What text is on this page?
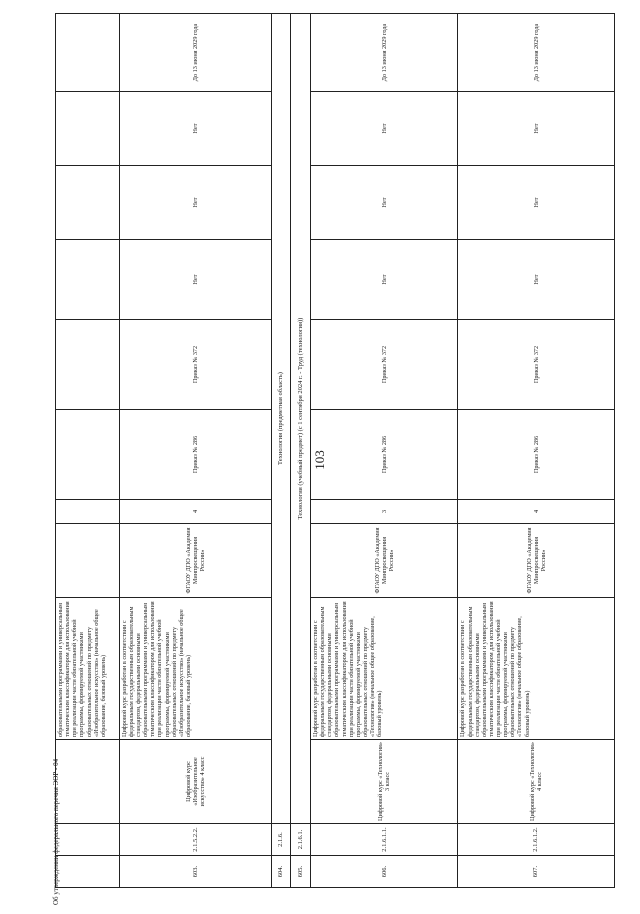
103
Об утверждении федерального перечня ЭОР - 04
			образовательными программами и универсальным тематическим классификатором для использования при реализации части обязательной учебной программы, формируемой участниками образовательных отношений по предмету «Изобразительное искусство» (начальное общее образование, базовый уровень)								
603.	2.1.5.2.2.	Цифровой курс «Изобразительное искусство» 4 класс	Цифровой курс разработан в соответствии с федеральным государственным образовательным стандартом, федеральными основными образовательными программами и универсальным тематическим классификатором для использования при реализации части обязательной учебной программы, формируемой участниками образовательных отношений по предмету «Изобразительное искусство» (начальное общее образование, базовый уровень)	ФГАОУ ДПО «Академия Минпросвещения России»	4	Приказ № 286	Приказ № 372	Нет	Нет	Нет	До 13 июня 2029 года
604.	2.1.6.	Технология (предметная область)									
605.	2.1.6.1.	Технология (учебный предмет) (с 1 сентября 2024 г. - Труд (технология))									
606.	2.1.6.1.1.	Цифровой курс «Технология» 3 класс	Цифровой курс разработан в соответствии с федеральным государственным образовательным стандартом, федеральными основными образовательными программами и универсальным тематическим классификатором для использования при реализации части обязательной учебной программы, формируемой участниками образовательных отношений по предмету «Технология» (начальное общее образование, базовый уровень)	ФГАОУ ДПО «Академия Минпросвещения России»	3	Приказ № 286	Приказ № 372	Нет	Нет	Нет	До 13 июня 2029 года
607.	2.1.6.1.2.	Цифровой курс «Технология» 4 класс	Цифровой курс разработан в соответствии с федеральным государственным образовательным стандартом, федеральными основными образовательными программами и универсальным тематическим классификатором для использования при реализации части обязательной учебной программы, формируемой участниками образовательных отношений по предмету «Технология» (начальное общее образование, базовый уровень)	ФГАОУ ДПО «Академия Минпросвещения России»	4	Приказ № 286	Приказ № 372	Нет	Нет	Нет	До 13 июня 2029 года
